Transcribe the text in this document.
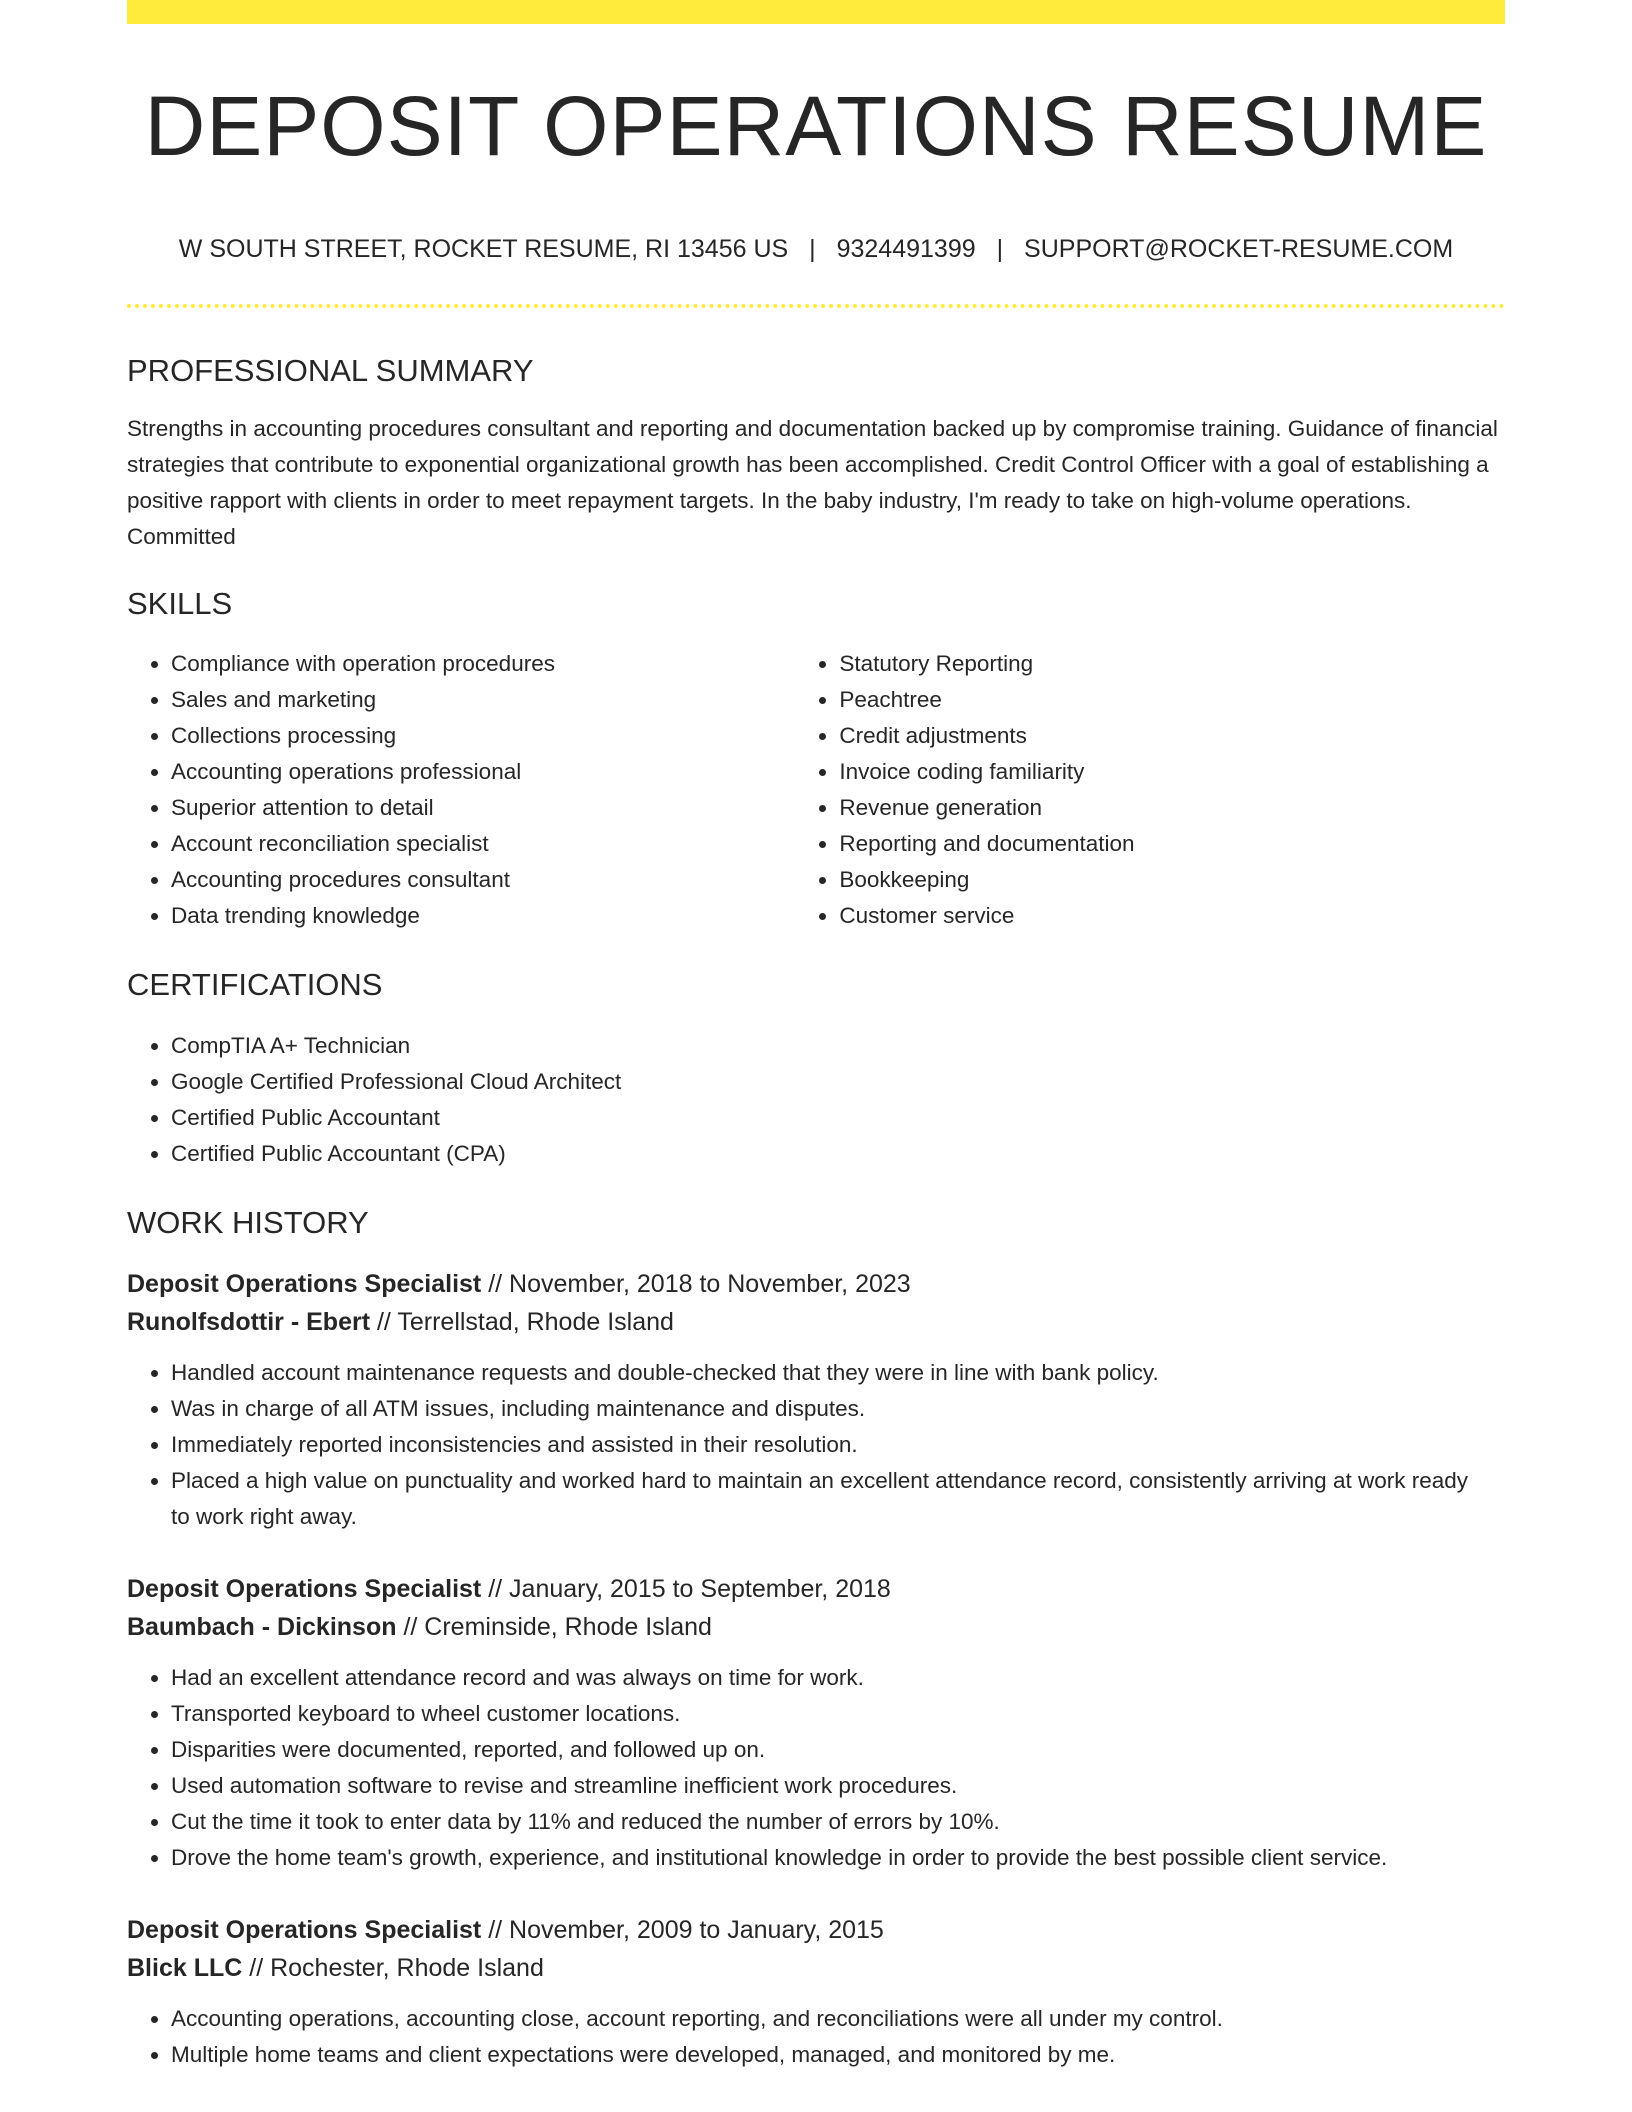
DEPOSIT OPERATIONS RESUME
W SOUTH STREET, ROCKET RESUME, RI 13456 US | 9324491399 | SUPPORT@ROCKET-RESUME.COM
PROFESSIONAL SUMMARY

Strengths in accounting procedures consultant and reporting and documentation backed up by compromise training. Guidance of financial strategies that contribute to exponential organizational growth has been accomplished. Credit Control Officer with a goal of establishing a positive rapport with clients in order to meet repayment targets. In the baby industry, I'm ready to take on high-volume operations. Committed

SKILLS
• Compliance with operation procedures
• Sales and marketing
• Collections processing
• Accounting operations professional
• Superior attention to detail
• Account reconciliation specialist
• Accounting procedures consultant
• Data trending knowledge
• Statutory Reporting
• Peachtree
• Credit adjustments
• Invoice coding familiarity
• Revenue generation
• Reporting and documentation
• Bookkeeping
• Customer service
CERTIFICATIONS
• CompTIA A+ Technician
• Google Certified Professional Cloud Architect
• Certified Public Accountant
• Certified Public Accountant (CPA)
WORK HISTORY
Deposit Operations Specialist // November, 2018 to November, 2023
Runolfsdottir - Ebert // Terrellstad, Rhode Island
• Handled account maintenance requests and double-checked that they were in line with bank policy.
• Was in charge of all ATM issues, including maintenance and disputes.
• Immediately reported inconsistencies and assisted in their resolution.
• Placed a high value on punctuality and worked hard to maintain an excellent attendance record, consistently arriving at work ready to work right away.
Deposit Operations Specialist // January, 2015 to September, 2018
Baumbach - Dickinson // Creminside, Rhode Island
• Had an excellent attendance record and was always on time for work.
• Transported keyboard to wheel customer locations.
• Disparities were documented, reported, and followed up on.
• Used automation software to revise and streamline inefficient work procedures.
• Cut the time it took to enter data by 11% and reduced the number of errors by 10%.
• Drove the home team's growth, experience, and institutional knowledge in order to provide the best possible client service.
Deposit Operations Specialist // November, 2009 to January, 2015
Blick LLC // Rochester, Rhode Island
• Accounting operations, accounting close, account reporting, and reconciliations were all under my control.
• Multiple home teams and client expectations were developed, managed, and monitored by me.
